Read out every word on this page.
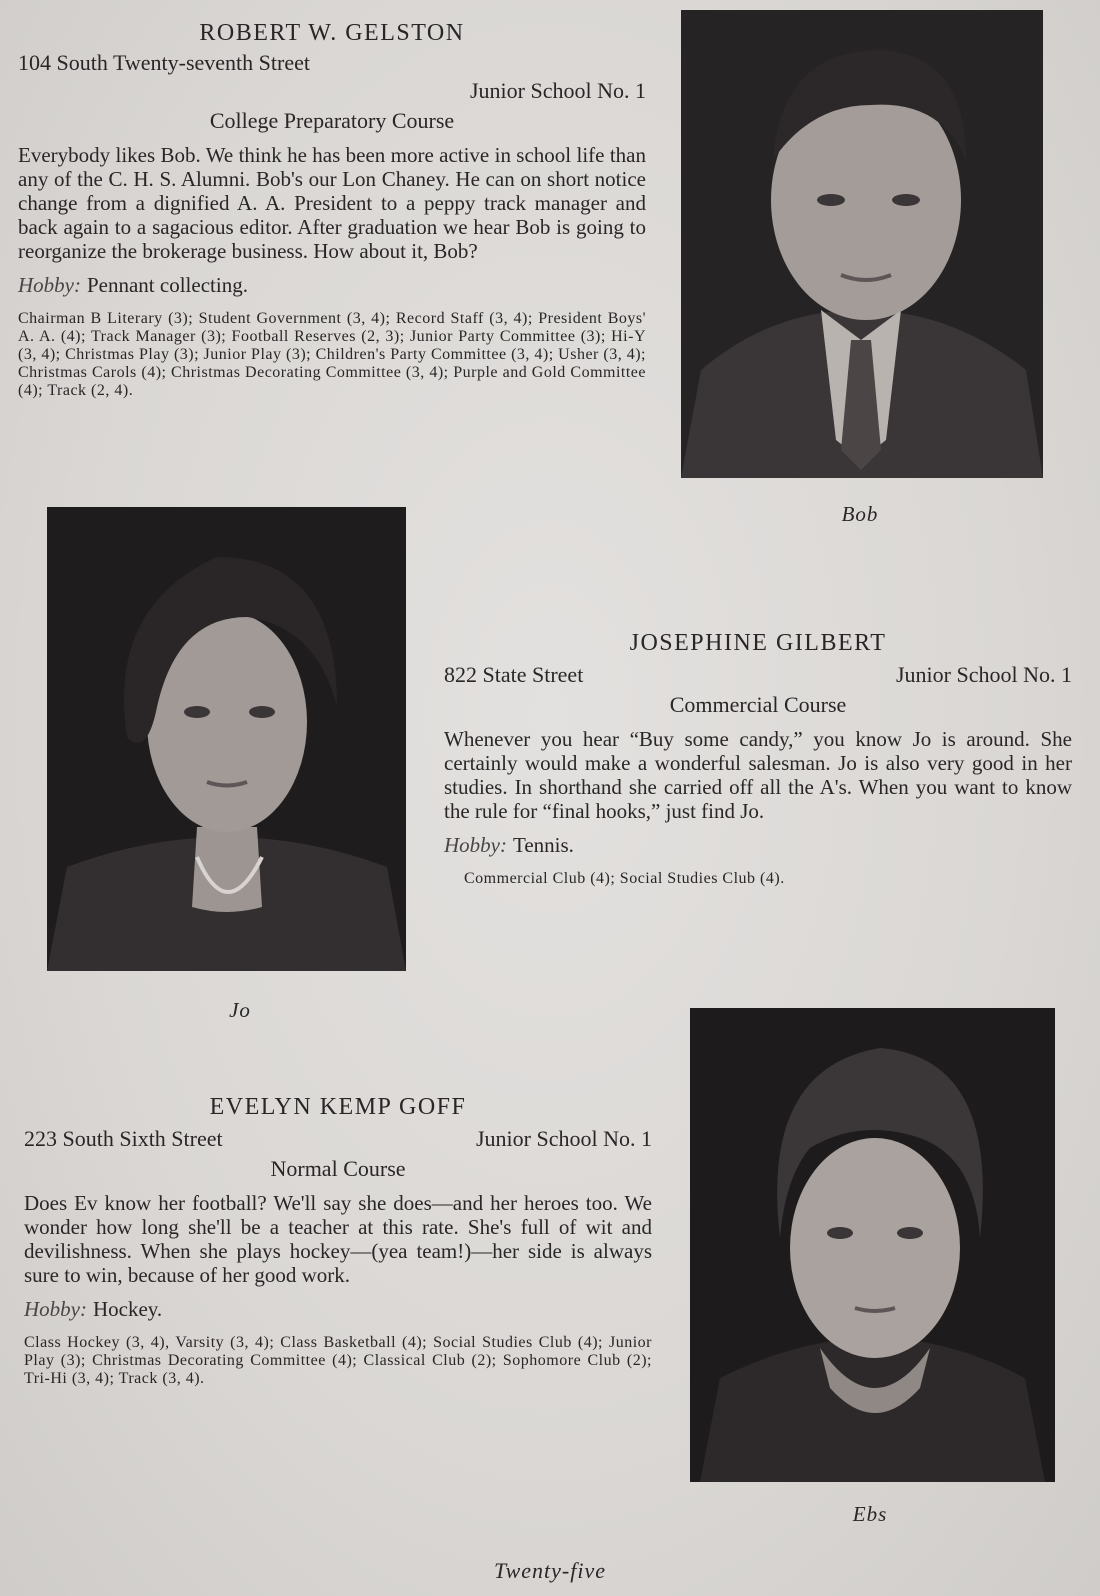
ROBERT W. GELSTON

104 South Twenty-seventh Street

Junior School No. 1

College Preparatory Course

Everybody likes Bob. We think he has been more active in school life than any of the C. H. S. Alumni. Bob's our Lon Chaney. He can on short notice change from a dignified A. A. President to a peppy track manager and back again to a sagacious editor. After graduation we hear Bob is going to reorganize the brokerage business. How about it, Bob?

Hobby: Pennant collecting.

Chairman B Literary (3); Student Government (3, 4); Record Staff (3, 4); President Boys' A. A. (4); Track Manager (3); Football Reserves (2, 3); Junior Party Committee (3); Hi-Y (3, 4); Christmas Play (3); Junior Play (3); Children's Party Committee (3, 4); Usher (3, 4); Christmas Carols (4); Christmas Decorating Committee (3, 4); Purple and Gold Committee (4); Track (2, 4).

Bob
Jo

JOSEPHINE GILBERT

822 State Street	Junior School No. 1

Commercial Course

Whenever you hear “Buy some candy,” you know Jo is around. She certainly would make a wonderful salesman. Jo is also very good in her studies. In shorthand she carried off all the A's. When you want to know the rule for “final hooks,” just find Jo.

Hobby: Tennis.

Commercial Club (4); Social Studies Club (4).

EVELYN KEMP GOFF

223 South Sixth Street	Junior School No. 1

Normal Course

Does Ev know her football? We'll say she does—and her heroes too. We wonder how long she'll be a teacher at this rate. She's full of wit and devilishness. When she plays hockey—(yea team!)—her side is always sure to win, because of her good work.

Hobby: Hockey.

Class Hockey (3, 4), Varsity (3, 4); Class Basketball (4); Social Studies Club (4); Junior Play (3); Christmas Decorating Committee (4); Classical Club (2); Sophomore Club (2); Tri-Hi (3, 4); Track (3, 4).

Ebs
Twenty-five
